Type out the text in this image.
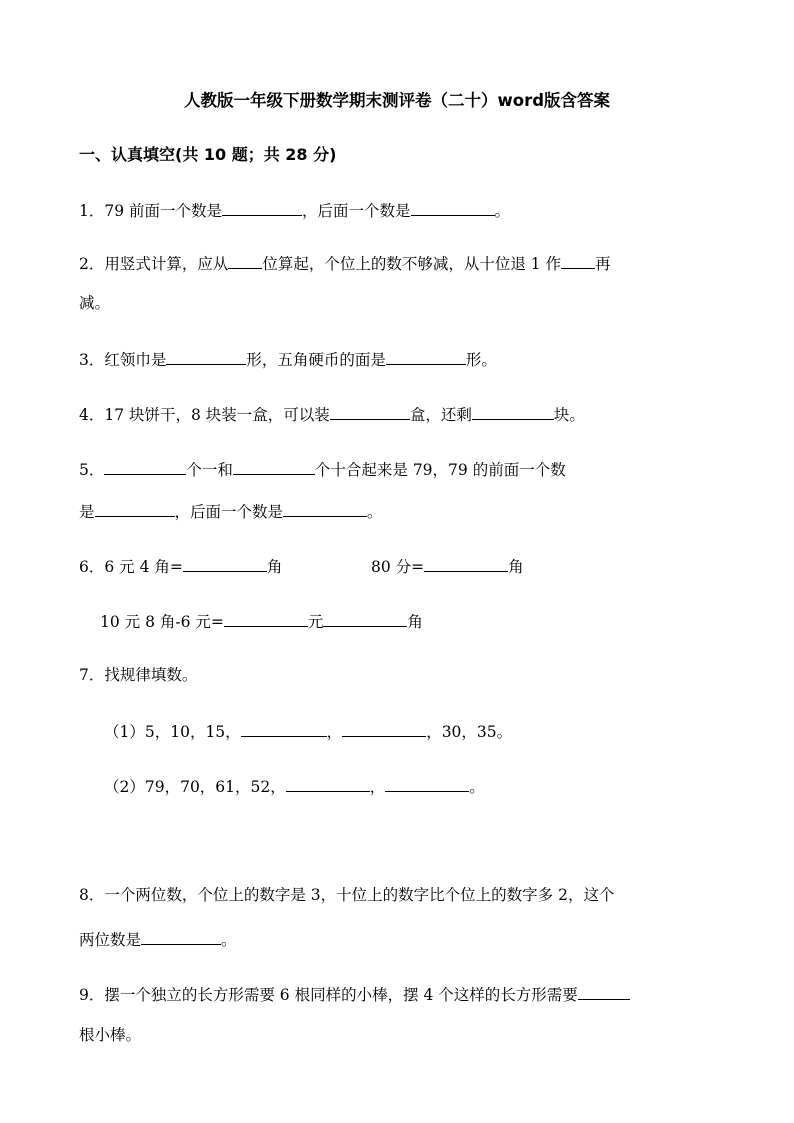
人教版一年级下册数学期末测评卷（二十）word版含答案
一、认真填空(共 10 题；共 28 分)
1．79 前面一个数是	，后面一个数是	。
2．用竖式计算，应从 位算起，个位上的数不够减，从十位退 1 作 再
减。
3．红领巾是	形，五角硬币的面是	形。
4．17 块饼干，8 块装一盒，可以装	盒，还剩	块。
5．	个一和	个十合起来是 79，79 的前面一个数
是	，后面一个数是	。
6．6 元 4 角=	角	80 分=	角
10 元 8 角-6 元=	元	角
7．找规律填数。
（1）5，10，15，	，	，30，35。
（2）79，70，61，52，	，	。
8．一个两位数，个位上的数字是 3，十位上的数字比个位上的数字多 2，这个
两位数是	。
9．摆一个独立的长方形需要 6 根同样的小棒，摆 4 个这样的长方形需要
根小棒。
